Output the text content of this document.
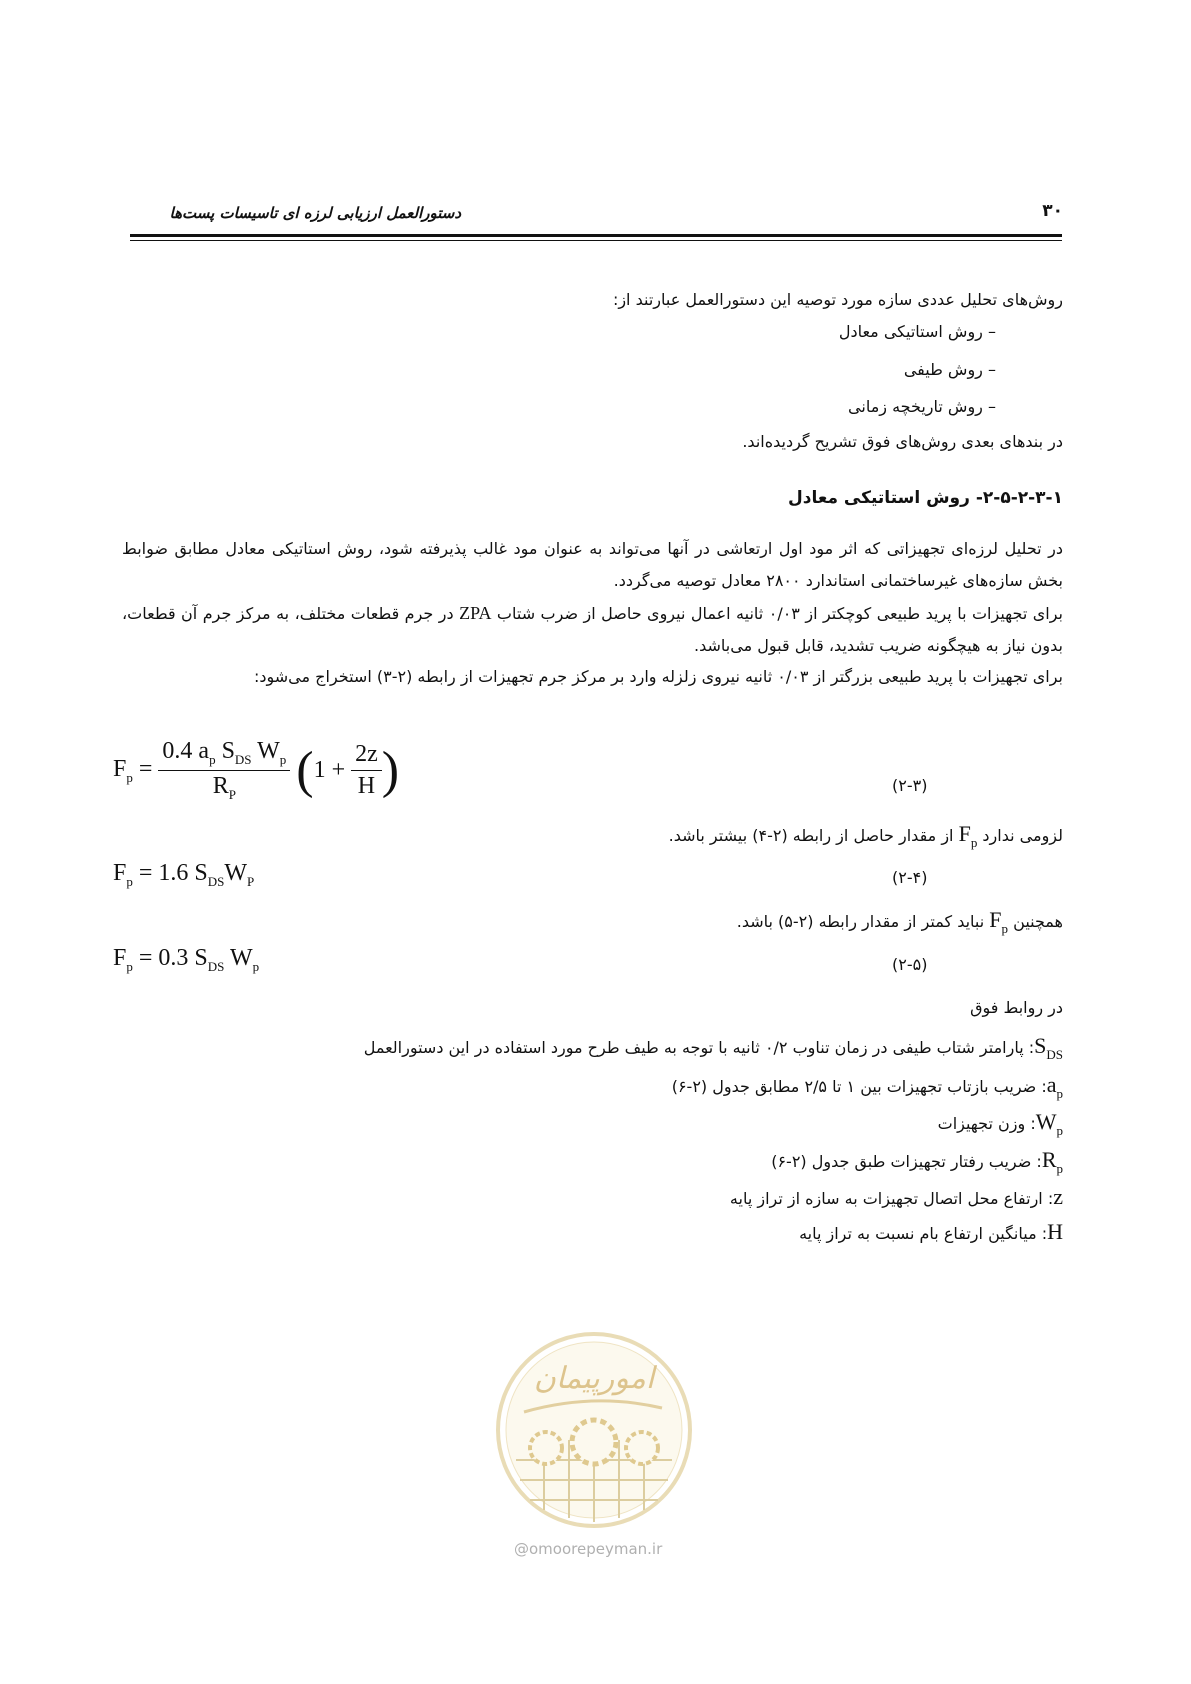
دستورالعمل ارزیابی لرزه ای تاسیسات پست‌ها	۳۰
روش‌های تحلیل عددی سازه مورد توصیه این دستورالعمل عبارتند از:
– روش استاتیکی معادل
– روش طیفی
– روش تاریخچه زمانی
در بندهای بعدی روش‌های فوق تشریح گردیده‌اند.
۲-۵-۲-۳-۱- روش استاتیکی معادل
در تحلیل لرزه‌ای تجهیزاتی که اثر مود اول ارتعاشی در آنها می‌تواند به عنوان مود غالب پذیرفته شود، روش استاتیکی معادل مطابق ضوابط بخش سازه‌های غیرساختمانی استاندارد ۲۸۰۰ معادل توصیه می‌گردد.
برای تجهیزات با پرید طبیعی کوچکتر از ۰/۰۳ ثانیه اعمال نیروی حاصل از ضرب شتاب ZPA در جرم قطعات مختلف، به مرکز جرم آن قطعات، بدون نیاز به هیچگونه ضریب تشدید، قابل قبول می‌باشد.
برای تجهیزات با پرید طبیعی بزرگتر از ۰/۰۳ ثانیه نیروی زلزله وارد بر مرکز جرم تجهیزات از رابطه (۲-۳) استخراج می‌شود:
$F_p = \frac{0.4 a_p S_{DS} W_p}{R_P} (1 + \frac{2z}{H}$ )	(۲-۳)
لزومی ندارد $F_p$ از مقدار حاصل از رابطه (۲-۴) بیشتر باشد.
$F_p = 1.6$ $S_{DS}W_P$	(۲-۴)
همچنین $F_p$ نباید کمتر از مقدار رابطه (۲-۵) باشد.
$F_p = 0.3$ $S_{DS}$ $W_p$	(۲-۵)
در روابط فوق
$S_{DS}$: پارامتر شتاب طیفی در زمان تناوب ۰/۲ ثانیه با توجه به طیف طرح مورد استفاده در این دستورالعمل
$a_p$: ضریب بازتاب تجهیزات بین ۱ تا ۲/۵ مطابق جدول (۲-۶)
$W_p$: وزن تجهیزات
$R_p$: ضریب رفتار تجهیزات طبق جدول (۲-۶)
z: ارتفاع محل اتصال تجهیزات به سازه از تراز پایه
H: میانگین ارتفاع بام نسبت به تراز پایه
امورپیمان
@omoorepeyman.ir
